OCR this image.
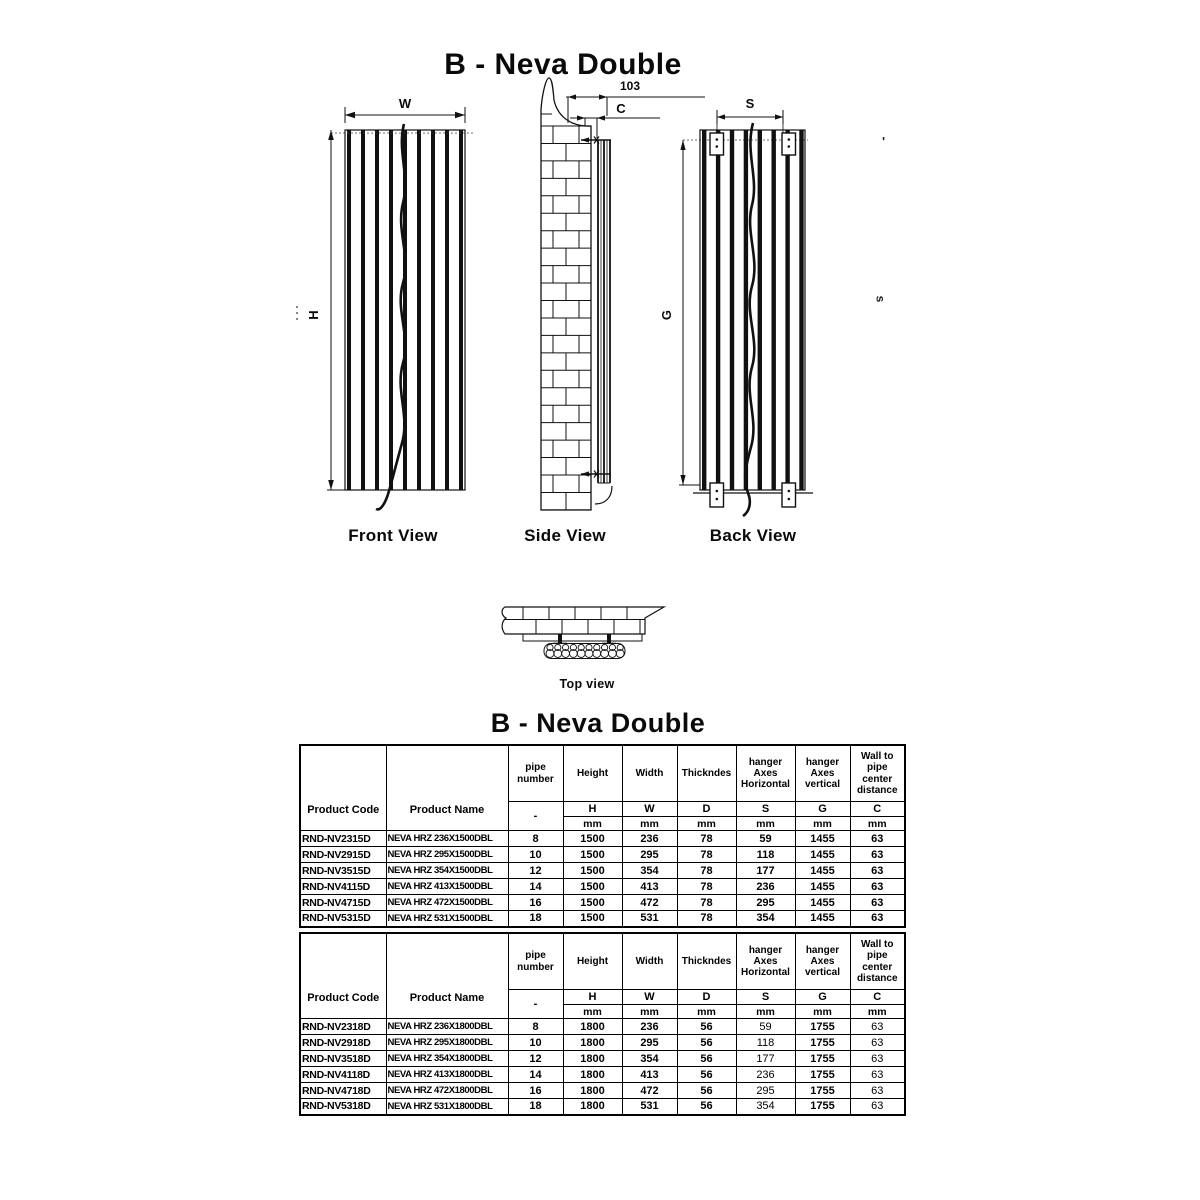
B - Neva Double
W
H
Front View
103
C
Side View
S
G
Back View
'
s
Top view
B - Neva Double
Product Code	Product Name	pipe number	Height	Width	Thickndes	hanger Axes Horizontal	hanger Axes vertical	Wall to pipe center distance
		-	H	W	D	S	G	C
			mm	mm	mm	mm	mm	mm
RND-NV2315D	NEVA HRZ 236X1500DBL	8	1500	236	78	59	1455	63
RND-NV2915D	NEVA HRZ 295X1500DBL	10	1500	295	78	118	1455	63
RND-NV3515D	NEVA HRZ 354X1500DBL	12	1500	354	78	177	1455	63
RND-NV4115D	NEVA HRZ 413X1500DBL	14	1500	413	78	236	1455	63
RND-NV4715D	NEVA HRZ 472X1500DBL	16	1500	472	78	295	1455	63
RND-NV5315D	NEVA HRZ 531X1500DBL	18	1500	531	78	354	1455	63
Product Code	Product Name	pipe number	Height	Width	Thickndes	hanger Axes Horizontal	hanger Axes vertical	Wall to pipe center distance
		-	H	W	D	S	G	C
			mm	mm	mm	mm	mm	mm
RND-NV2318D	NEVA HRZ 236X1800DBL	8	1800	236	56	59	1755	63
RND-NV2918D	NEVA HRZ 295X1800DBL	10	1800	295	56	118	1755	63
RND-NV3518D	NEVA HRZ 354X1800DBL	12	1800	354	56	177	1755	63
RND-NV4118D	NEVA HRZ 413X1800DBL	14	1800	413	56	236	1755	63
RND-NV4718D	NEVA HRZ 472X1800DBL	16	1800	472	56	295	1755	63
RND-NV5318D	NEVA HRZ 531X1800DBL	18	1800	531	56	354	1755	63
